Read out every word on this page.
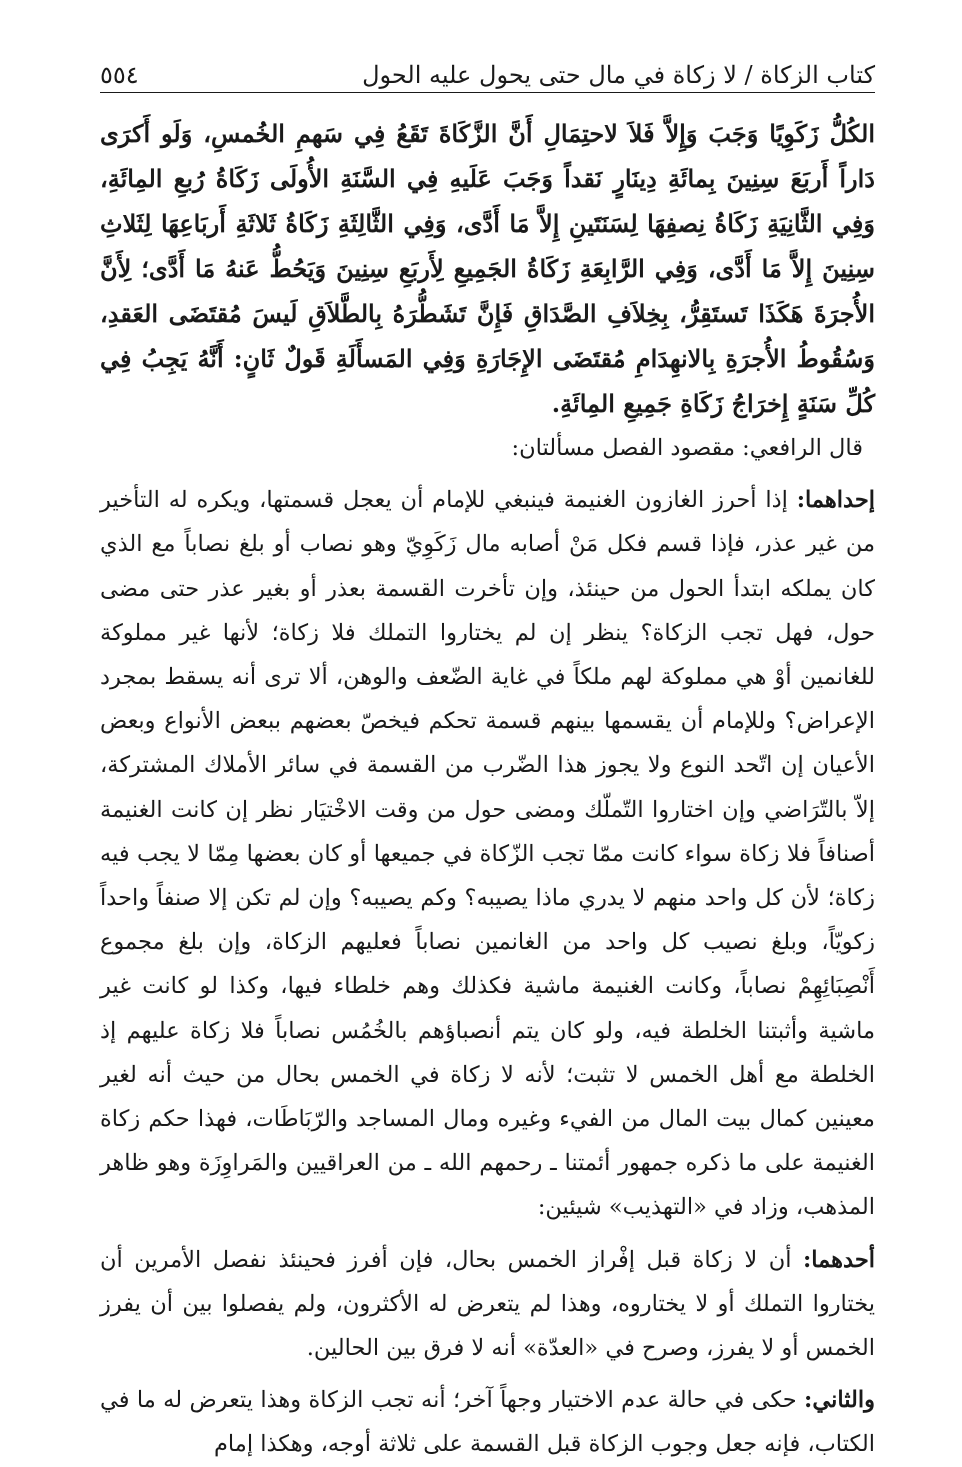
كتاب الزكاة / لا زكاة في مال حتى يحول عليه الحول
٥٥٤
الكُلُّ زَكَوِيًا وَجَبَ وَإِلاَّ فَلاَ لاحتِمَالِ أَنَّ الزَّكَاةَ تَقَعُ فِي سَهمِ الخُمسِ، وَلَو أَكرَى دَاراً أَربَعَ سِنِينَ بِمائَةِ دِينَارٍ نَقداً وَجَبَ عَلَيهِ فِي السَّنَةِ الأُولَى زَكَاةُ رُبعِ المِائَةِ، وَفِي الثَّانِيَةِ زَكَاةُ نِصفِهَا لِسَنَتَينِ إِلاَّ مَا أَدَّى، وَفِي الثَّالِثَةِ زَكَاةُ ثَلاثَةِ أَربَاعِهَا لِثَلاثِ سِنِينَ إِلاَّ مَا أَدَّى، وَفِي الرَّابِعَةِ زَكَاةُ الجَمِيعِ لِأَربَعِ سِنِينَ وَيَحُطُّ عَنهُ مَا أَدَّى؛ لِأَنَّ الأُجرَةَ هَكَذَا تَستَقِرُّ، بِخِلاَفِ الصَّدَاقِ فَإِنَّ تَشَطُّرَهُ بِالطَّلاَقِ لَيسَ مُقتَضَى العَقدِ، وَسُقُوطُ الأُجرَةِ بِالانهِدَامِ مُقتَضَى الإِجَارَةِ وَفِي المَسأَلَةِ قَولٌ ثَانٍ: أَنَّهُ يَجِبُ فِي كُلِّ سَنَةٍ إِخرَاجُ زَكَاةِ جَمِيعِ المِائَةِ.

قال الرافعي: مقصود الفصل مسألتان:

إحداهما: إذا أحرز الغازون الغنيمة فينبغي للإمام أن يعجل قسمتها، ويكره له التأخير من غير عذر، فإذا قسم فكل مَنْ أصابه مال زَكَوِيّ وهو نصاب أو بلغ نصاباً مع الذي كان يملكه ابتدأ الحول من حينئذ، وإن تأخرت القسمة بعذر أو بغير عذر حتى مضى حول، فهل تجب الزكاة؟ ينظر إن لم يختاروا التملك فلا زكاة؛ لأنها غير مملوكة للغانمين أوْ هي مملوكة لهم ملكاً في غاية الضّعف والوهن، ألا ترى أنه يسقط بمجرد الإعراض؟ وللإمام أن يقسمها بينهم قسمة تحكم فيخصّ بعضهم ببعض الأنواع وبعض الأعيان إن اتّحد النوع ولا يجوز هذا الضّرب من القسمة في سائر الأملاك المشتركة، إلاّ بالتّرَاضي وإن اختاروا التّملّك ومضى حول من وقت الاخْتيَار نظر إن كانت الغنيمة أصنافاً فلا زكاة سواء كانت ممّا تجب الزّكاة في جميعها أو كان بعضها مِمّا لا يجب فيه زكاة؛ لأن كل واحد منهم لا يدري ماذا يصيبه؟ وكم يصيبه؟ وإن لم تكن إلا صنفاً واحداً زكويّاً، وبلغ نصيب كل واحد من الغانمين نصاباً فعليهم الزكاة، وإن بلغ مجموع أَنْصِبَائِهِمْ نصاباً، وكانت الغنيمة ماشية فكذلك وهم خلطاء فيها، وكذا لو كانت غير ماشية وأثبتنا الخلطة فيه، ولو كان يتم أنصباؤهم بالخُمُس نصاباً فلا زكاة عليهم إذ الخلطة مع أهل الخمس لا تثبت؛ لأنه لا زكاة في الخمس بحال من حيث أنه لغير معينين كمال بيت المال من الفيء وغيره ومال المساجد والرّبَاطَات، فهذا حكم زكاة الغنيمة على ما ذكره جمهور أئمتنا ـ رحمهم الله ـ من العراقيين والمَراوِزَة وهو ظاهر المذهب، وزاد في «التهذيب» شيئين:

أحدهما: أن لا زكاة قبل إفْراز الخمس بحال، فإن أفرز فحينئذ نفصل الأمرين أن يختاروا التملك أو لا يختاروه، وهذا لم يتعرض له الأكثرون، ولم يفصلوا بين أن يفرز الخمس أو لا يفرز، وصرح في «العدّة» أنه لا فرق بين الحالين.

والثاني: حكى في حالة عدم الاختيار وجهاً آخر؛ أنه تجب الزكاة وهذا يتعرض له ما في الكتاب، فإنه جعل وجوب الزكاة قبل القسمة على ثلاثة أوجه، وهكذا إمام
